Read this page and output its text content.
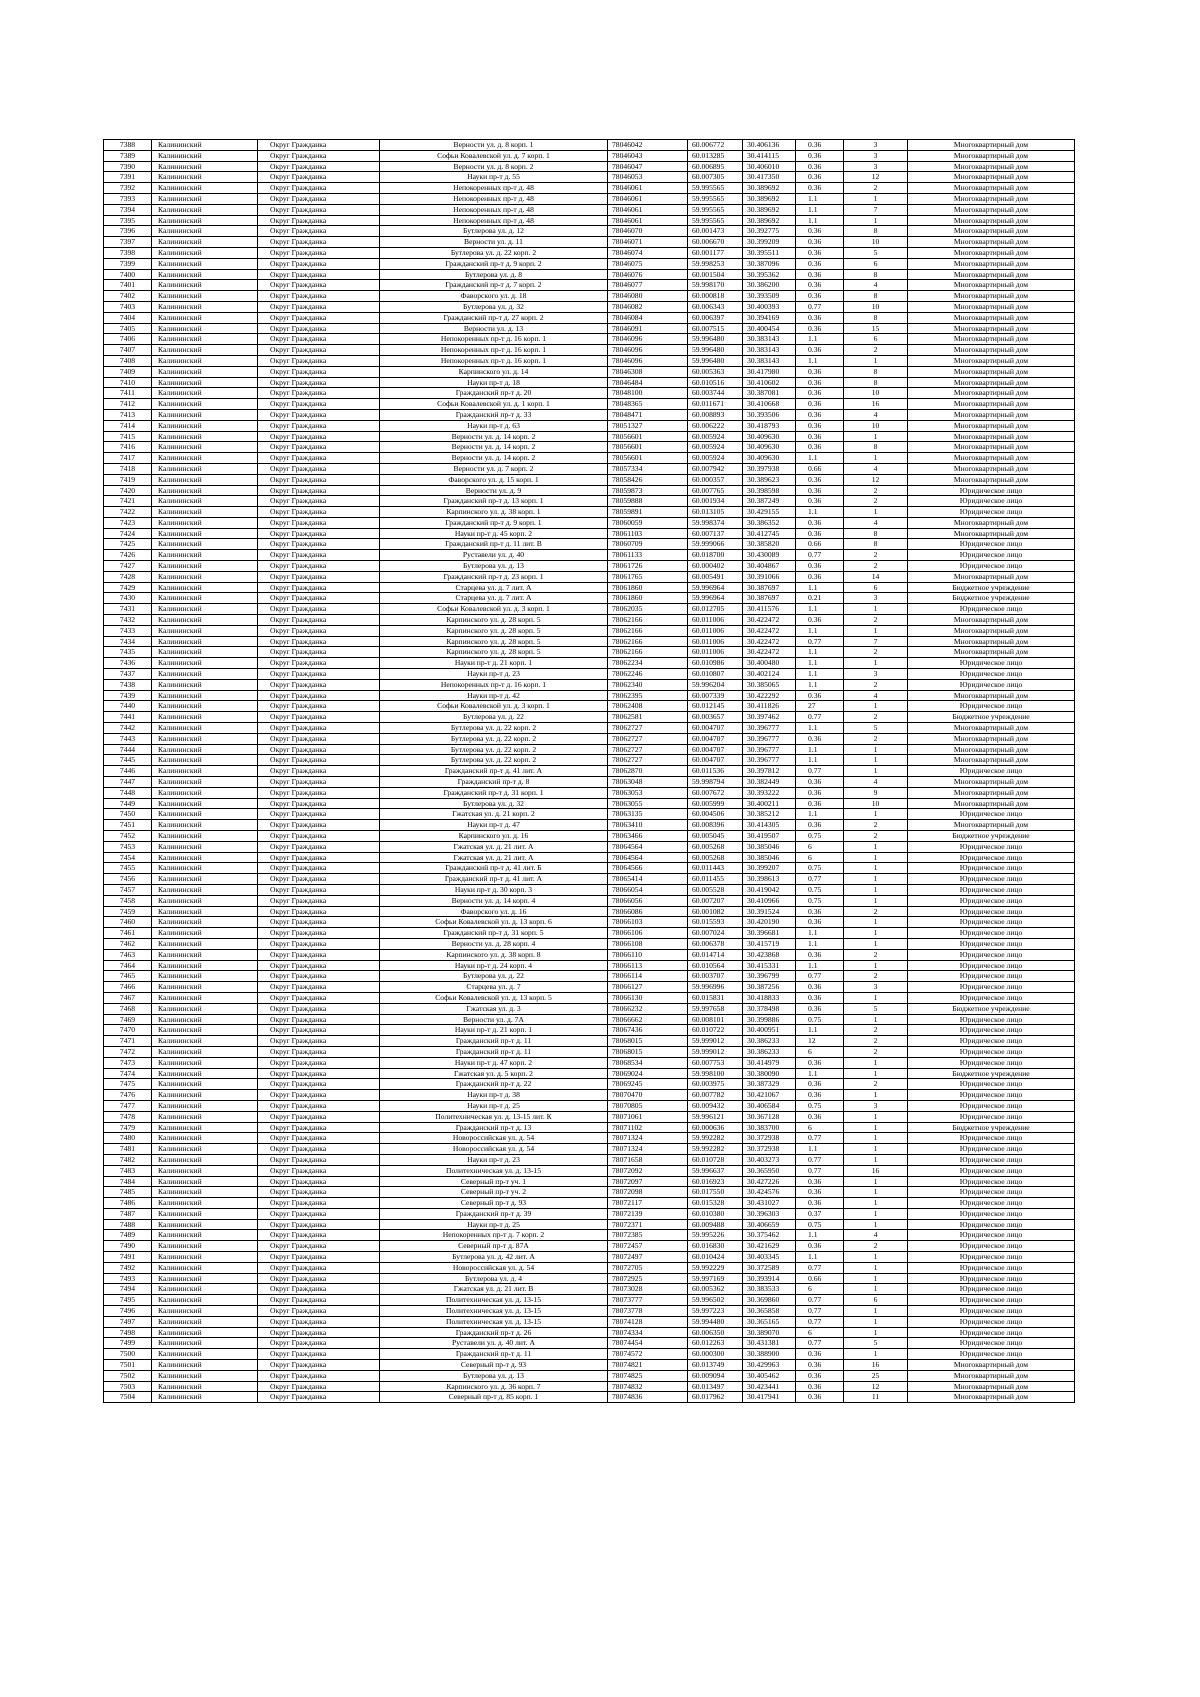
7388	Калининский	Округ Гражданка	Верности ул. д. 8 корп. 1	78046042	60.006772	30.406136	0.36	3	Многоквартирный дом
7389	Калининский	Округ Гражданка	Софьи Ковалевской ул. д. 7 корп. 1	78046043	60.013285	30.414115	0.36	3	Многоквартирный дом
7390	Калининский	Округ Гражданка	Верности ул. д. 8 корп. 2	78046047	60.006895	30.406010	0.36	3	Многоквартирный дом
7391	Калининский	Округ Гражданка	Науки пр-т д. 55	78046053	60.007305	30.417350	0.36	12	Многоквартирный дом
7392	Калининский	Округ Гражданка	Непокоренных пр-т д. 48	78046061	59.995565	30.389692	0.36	2	Многоквартирный дом
7393	Калининский	Округ Гражданка	Непокоренных пр-т д. 48	78046061	59.995565	30.389692	1.1	1	Многоквартирный дом
7394	Калининский	Округ Гражданка	Непокоренных пр-т д. 48	78046061	59.995565	30.389692	1.1	7	Многоквартирный дом
7395	Калининский	Округ Гражданка	Непокоренных пр-т д. 48	78046061	59.995565	30.389692	1.1	1	Многоквартирный дом
7396	Калининский	Округ Гражданка	Бутлерова ул. д. 12	78046070	60.001473	30.392775	0.36	8	Многоквартирный дом
7397	Калининский	Округ Гражданка	Верности ул. д. 11	78046071	60.006670	30.399209	0.36	10	Многоквартирный дом
7398	Калининский	Округ Гражданка	Бутлерова ул. д. 22 корп. 2	78046074	60.001177	30.395511	0.36	5	Многоквартирный дом
7399	Калининский	Округ Гражданка	Гражданский пр-т д. 9 корп. 2	78046075	59.998253	30.387096	0.36	6	Многоквартирный дом
7400	Калининский	Округ Гражданка	Бутлерова ул. д. 8	78046076	60.001504	30.395362	0.36	8	Многоквартирный дом
7401	Калининский	Округ Гражданка	Гражданский пр-т д. 7 корп. 2	78046077	59.998170	30.386200	0.36	4	Многоквартирный дом
7402	Калининский	Округ Гражданка	Фаворского ул. д. 18	78046080	60.000818	30.393509	0.36	8	Многоквартирный дом
7403	Калининский	Округ Гражданка	Бутлерова ул. д. 32	78046082	60.006343	30.400393	0.77	10	Многоквартирный дом
7404	Калининский	Округ Гражданка	Гражданский пр-т д. 27 корп. 2	78046084	60.006397	30.394169	0.36	8	Многоквартирный дом
7405	Калининский	Округ Гражданка	Верности ул. д. 13	78046091	60.007515	30.400454	0.36	15	Многоквартирный дом
7406	Калининский	Округ Гражданка	Непокоренных пр-т д. 16 корп. 1	78046096	59.996480	30.383143	1.1	6	Многоквартирный дом
7407	Калининский	Округ Гражданка	Непокоренных пр-т д. 16 корп. 1	78046096	59.996480	30.383143	0.36	2	Многоквартирный дом
7408	Калининский	Округ Гражданка	Непокоренных пр-т д. 16 корп. 1	78046096	59.996480	30.383143	1.1	1	Многоквартирный дом
7409	Калининский	Округ Гражданка	Карпинского ул. д. 14	78046308	60.005363	30.417980	0.36	8	Многоквартирный дом
7410	Калининский	Округ Гражданка	Науки пр-т д. 18	78046484	60.010516	30.410602	0.36	8	Многоквартирный дом
7411	Калининский	Округ Гражданка	Гражданский пр-т д. 20	78048100	60.003744	30.387081	0.36	10	Многоквартирный дом
7412	Калининский	Округ Гражданка	Софьи Ковалевской ул. д. 1 корп. 1	78048365	60.011671	30.410668	0.36	16	Многоквартирный дом
7413	Калининский	Округ Гражданка	Гражданский пр-т д. 33	78048471	60.008893	30.393506	0.36	4	Многоквартирный дом
7414	Калининский	Округ Гражданка	Науки пр-т д. 63	78051327	60.006222	30.418793	0.36	10	Многоквартирный дом
7415	Калининский	Округ Гражданка	Верности ул. д. 14 корп. 2	78056601	60.005924	30.409630	0.36	1	Многоквартирный дом
7416	Калининский	Округ Гражданка	Верности ул. д. 14 корп. 2	78056601	60.005924	30.409630	0.36	8	Многоквартирный дом
7417	Калининский	Округ Гражданка	Верности ул. д. 14 корп. 2	78056601	60.005924	30.409630	1.1	1	Многоквартирный дом
7418	Калининский	Округ Гражданка	Верности ул. д. 7 корп. 2	78057334	60.007942	30.397938	0.66	4	Многоквартирный дом
7419	Калининский	Округ Гражданка	Фаворского ул. д. 15 корп. 1	78058426	60.000357	30.389623	0.36	12	Многоквартирный дом
7420	Калининский	Округ Гражданка	Верности ул. д. 9	78059873	60.007765	30.398598	0.36	2	Юридическое лицо
7421	Калининский	Округ Гражданка	Гражданский пр-т д. 13 корп. 1	78059888	60.001934	30.387249	0.36	2	Юридическое лицо
7422	Калининский	Округ Гражданка	Карпинского ул. д. 38 корп. 1	78059891	60.013105	30.429155	1.1	1	Юридическое лицо
7423	Калининский	Округ Гражданка	Гражданский пр-т д. 9 корп. 1	78060059	59.998374	30.386352	0.36	4	Многоквартирный дом
7424	Калининский	Округ Гражданка	Науки пр-т д. 45 корп. 2	78061103	60.007137	30.412745	0.36	8	Многоквартирный дом
7425	Калининский	Округ Гражданка	Гражданский пр-т д. 11 лит. В	78060709	59.999066	30.385820	0.66	8	Юридическое лицо
7426	Калининский	Округ Гражданка	Руставели ул. д. 40	78061133	60.018700	30.430089	0.77	2	Юридическое лицо
7427	Калининский	Округ Гражданка	Бутлерова ул. д. 13	78061726	60.000402	30.404867	0.36	2	Юридическое лицо
7428	Калининский	Округ Гражданка	Гражданский пр-т д. 23 корп. 1	78061765	60.005491	30.391066	0.36	14	Многоквартирный дом
7429	Калининский	Округ Гражданка	Старцева ул. д. 7 лит. А	78061860	59.996964	30.387697	1.1	6	Бюджетное учреждение
7430	Калининский	Округ Гражданка	Старцева ул. д. 7 лит. А	78061860	59.996964	30.387697	0.21	3	Бюджетное учреждение
7431	Калининский	Округ Гражданка	Софьи Ковалевской ул. д. 3 корп. 1	78062035	60.012705	30.411576	1.1	1	Юридическое лицо
7432	Калининский	Округ Гражданка	Карпинского ул. д. 28 корп. 5	78062166	60.011006	30.422472	0.36	2	Многоквартирный дом
7433	Калининский	Округ Гражданка	Карпинского ул. д. 28 корп. 5	78062166	60.011006	30.422472	1.1	1	Многоквартирный дом
7434	Калининский	Округ Гражданка	Карпинского ул. д. 28 корп. 5	78062166	60.011006	30.422472	0.77	7	Многоквартирный дом
7435	Калининский	Округ Гражданка	Карпинского ул. д. 28 корп. 5	78062166	60.011006	30.422472	1.1	2	Многоквартирный дом
7436	Калининский	Округ Гражданка	Науки пр-т д. 21 корп. 1	78062234	60.010986	30.400480	1.1	1	Юридическое лицо
7437	Калининский	Округ Гражданка	Науки пр-т д. 23	78062246	60.010807	30.402124	1.1	3	Юридическое лицо
7438	Калининский	Округ Гражданка	Непокоренных пр-т д. 16 корп. 1	78062340	59.996204	30.385065	1.1	2	Юридическое лицо
7439	Калининский	Округ Гражданка	Науки пр-т д. 42	78062395	60.007339	30.422292	0.36	4	Многоквартирный дом
7440	Калининский	Округ Гражданка	Софьи Ковалевской ул. д. 3 корп. 1	78062408	60.012145	30.411826	27	1	Юридическое лицо
7441	Калининский	Округ Гражданка	Бутлерова ул. д. 22	78062581	60.003657	30.397462	0.77	2	Бюджетное учреждение
7442	Калининский	Округ Гражданка	Бутлерова ул. д. 22 корп. 2	78062727	60.004707	30.396777	1.1	5	Многоквартирный дом
7443	Калининский	Округ Гражданка	Бутлерова ул. д. 22 корп. 2	78062727	60.004707	30.396777	0.36	2	Многоквартирный дом
7444	Калининский	Округ Гражданка	Бутлерова ул. д. 22 корп. 2	78062727	60.004707	30.396777	1.1	1	Многоквартирный дом
7445	Калининский	Округ Гражданка	Бутлерова ул. д. 22 корп. 2	78062727	60.004707	30.396777	1.1	1	Многоквартирный дом
7446	Калининский	Округ Гражданка	Гражданский пр-т д. 41 лит. А	78062870	60.011536	30.397812	0.77	1	Юридическое лицо
7447	Калининский	Округ Гражданка	Гражданский пр-т д. 8	78063048	59.998794	30.382449	0.36	4	Многоквартирный дом
7448	Калининский	Округ Гражданка	Гражданский пр-т д. 31 корп. 1	78063053	60.007672	30.393222	0.36	9	Многоквартирный дом
7449	Калининский	Округ Гражданка	Бутлерова ул. д. 32	78063055	60.005999	30.400211	0.36	10	Многоквартирный дом
7450	Калининский	Округ Гражданка	Гжатская ул. д. 21 корп. 2	78063135	60.004506	30.385212	1.1	1	Юридическое лицо
7451	Калининский	Округ Гражданка	Науки пр-т д. 47	78063410	60.008396	30.414305	0.36	2	Многоквартирный дом
7452	Калининский	Округ Гражданка	Карпинского ул. д. 16	78063466	60.005045	30.419507	0.75	2	Бюджетное учреждение
7453	Калининский	Округ Гражданка	Гжатская ул. д. 21 лит. А	78064564	60.005268	30.385046	6	1	Юридическое лицо
7454	Калининский	Округ Гражданка	Гжатская ул. д. 21 лит. А	78064564	60.005268	30.385046	6	1	Юридическое лицо
7455	Калининский	Округ Гражданка	Гражданский пр-т д. 41 лит. Б	78064566	60.011443	30.399207	0.75	1	Юридическое лицо
7456	Калининский	Округ Гражданка	Гражданский пр-т д. 41 лит. А	78065414	60.011455	30.398613	0.77	1	Юридическое лицо
7457	Калининский	Округ Гражданка	Науки пр-т д. 30 корп. 3	78066054	60.005528	30.419042	0.75	1	Юридическое лицо
7458	Калининский	Округ Гражданка	Верности ул. д. 14 корп. 4	78066056	60.007207	30.410966	0.75	1	Юридическое лицо
7459	Калининский	Округ Гражданка	Фаворского ул. д. 16	78066086	60.001082	30.391524	0.36	2	Юридическое лицо
7460	Калининский	Округ Гражданка	Софьи Ковалевской ул. д. 13 корп. 6	78066103	60.015593	30.420190	0.36	1	Юридическое лицо
7461	Калининский	Округ Гражданка	Гражданский пр-т д. 31 корп. 5	78066106	60.007024	30.396681	1.1	1	Юридическое лицо
7462	Калининский	Округ Гражданка	Верности ул. д. 28 корп. 4	78066108	60.006378	30.415719	1.1	1	Юридическое лицо
7463	Калининский	Округ Гражданка	Карпинского ул. д. 38 корп. 8	78066110	60.014714	30.423868	0.36	2	Юридическое лицо
7464	Калининский	Округ Гражданка	Науки пр-т д. 24 корп. 4	78066113	60.010564	30.415331	1.1	1	Юридическое лицо
7465	Калининский	Округ Гражданка	Бутлерова ул. д. 22	78066114	60.003707	30.396799	0.77	2	Юридическое лицо
7466	Калининский	Округ Гражданка	Старцева ул. д. 7	78066127	59.996996	30.387256	0.36	3	Юридическое лицо
7467	Калининский	Округ Гражданка	Софьи Ковалевской ул. д. 13 корп. 5	78066130	60.015831	30.418833	0.36	1	Юридическое лицо
7468	Калининский	Округ Гражданка	Гжатская ул. д. 3	78066232	59.997658	30.378498	0.36	5	Бюджетное учреждение
7469	Калининский	Округ Гражданка	Верности ул. д. 7А	78066662	60.008101	30.399886	0.75	1	Юридическое лицо
7470	Калининский	Округ Гражданка	Науки пр-т д. 21 корп. 1	78067436	60.010722	30.400951	1.1	2	Юридическое лицо
7471	Калининский	Округ Гражданка	Гражданский пр-т д. 11	78068015	59.999012	30.386233	12	2	Юридическое лицо
7472	Калининский	Округ Гражданка	Гражданский пр-т д. 11	78068015	59.999012	30.386233	6	2	Юридическое лицо
7473	Калининский	Округ Гражданка	Науки пр-т д. 47 корп. 2	78068534	60.007753	30.414979	0.36	1	Юридическое лицо
7474	Калининский	Округ Гражданка	Гжатская ул. д. 5 корп. 2	78069024	59.998100	30.380090	1.1	1	Бюджетное учреждение
7475	Калининский	Округ Гражданка	Гражданский пр-т д. 22	78069245	60.003975	30.387329	0.36	2	Юридическое лицо
7476	Калининский	Округ Гражданка	Науки пр-т д. 38	78070470	60.007782	30.421067	0.36	1	Юридическое лицо
7477	Калининский	Округ Гражданка	Науки пр-т д. 25	78070805	60.009432	30.406584	0.75	3	Юридическое лицо
7478	Калининский	Округ Гражданка	Политехническая ул. д. 13-15 лит. К	78071061	59.996121	30.367128	0.36	1	Юридическое лицо
7479	Калининский	Округ Гражданка	Гражданский пр-т д. 13	78071102	60.000636	30.383700	6	1	Бюджетное учреждение
7480	Калининский	Округ Гражданка	Новороссийская ул. д. 54	78071324	59.992282	30.372938	0.77	1	Юридическое лицо
7481	Калининский	Округ Гражданка	Новороссийская ул. д. 54	78071324	59.992282	30.372938	1.1	1	Юридическое лицо
7482	Калининский	Округ Гражданка	Науки пр-т д. 23	78071658	60.010728	30.403273	0.77	1	Юридическое лицо
7483	Калининский	Округ Гражданка	Политехническая ул. д. 13-15	78072092	59.996637	30.365950	0.77	16	Юридическое лицо
7484	Калининский	Округ Гражданка	Северный пр-т уч. 1	78072097	60.016923	30.427226	0.36	1	Юридическое лицо
7485	Калининский	Округ Гражданка	Северный пр-т уч. 2	78072098	60.017550	30.424576	0.36	1	Юридическое лицо
7486	Калининский	Округ Гражданка	Северный пр-т д. 93	78072117	60.015328	30.431027	0.36	1	Юридическое лицо
7487	Калининский	Округ Гражданка	Гражданский пр-т д. 39	78072139	60.010380	30.396303	0.37	1	Юридическое лицо
7488	Калининский	Округ Гражданка	Науки пр-т д. 25	78072371	60.009488	30.406659	0.75	1	Юридическое лицо
7489	Калининский	Округ Гражданка	Непокоренных пр-т д. 7 корп. 2	78072385	59.995226	30.375462	1.1	4	Юридическое лицо
7490	Калининский	Округ Гражданка	Северный пр-т д. 87А	78072457	60.016830	30.421629	0.36	2	Юридическое лицо
7491	Калининский	Округ Гражданка	Бутлерова ул. д. 42 лит. А	78072497	60.010424	30.403345	1.1	1	Юридическое лицо
7492	Калининский	Округ Гражданка	Новороссийская ул. д. 54	78072705	59.992229	30.372589	0.77	1	Юридическое лицо
7493	Калининский	Округ Гражданка	Бутлерова ул. д. 4	78072925	59.997169	30.393914	0.66	1	Юридическое лицо
7494	Калининский	Округ Гражданка	Гжатская ул. д. 21 лит. В	78073028	60.005362	30.383533	6	1	Юридическое лицо
7495	Калининский	Округ Гражданка	Политехническая ул. д. 13-15	78073777	59.996502	30.369860	0.77	6	Юридическое лицо
7496	Калининский	Округ Гражданка	Политехническая ул. д. 13-15	78073778	59.997223	30.365858	0.77	1	Юридическое лицо
7497	Калининский	Округ Гражданка	Политехническая ул. д. 13-15	78074128	59.994480	30.365165	0.77	1	Юридическое лицо
7498	Калининский	Округ Гражданка	Гражданский пр-т д. 26	78074334	60.006350	30.389070	6	1	Юридическое лицо
7499	Калининский	Округ Гражданка	Руставели ул. д. 40 лит. А	78074454	60.012263	30.431381	0.77	5	Юридическое лицо
7500	Калининский	Округ Гражданка	Гражданский пр-т д. 11	78074572	60.000300	30.388900	0.36	1	Юридическое лицо
7501	Калининский	Округ Гражданка	Северный пр-т д. 93	78074821	60.013749	30.429963	0.36	16	Многоквартирный дом
7502	Калининский	Округ Гражданка	Бутлерова ул. д. 13	78074825	60.009094	30.405462	0.36	25	Многоквартирный дом
7503	Калининский	Округ Гражданка	Карпинского ул. д. 36 корп. 7	78074832	60.013497	30.423441	0.36	12	Многоквартирный дом
7504	Калининский	Округ Гражданка	Северный пр-т д. 85 корп. 1	78074836	60.017962	30.417941	0.36	11	Многоквартирный дом
